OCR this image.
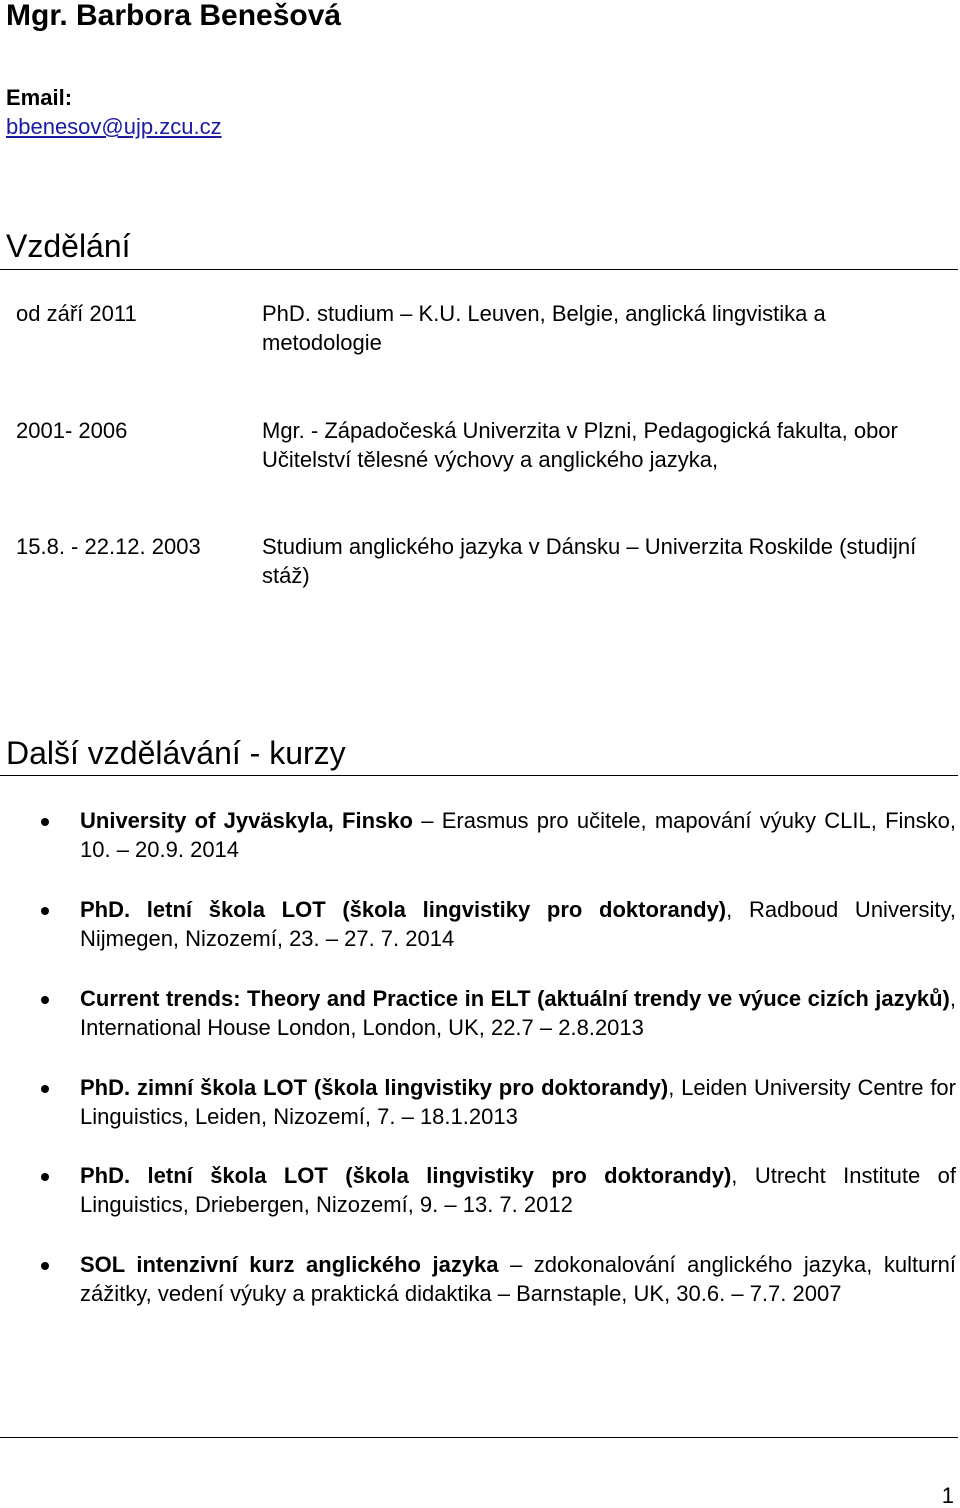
Mgr. Barbora Benešová
Email:
bbenesov@ujp.zcu.cz
Vzdělání
od září 2011	PhD. studium – K.U. Leuven, Belgie, anglická lingvistika a metodologie
2001- 2006	Mgr. - Západočeská Univerzita v Plzni, Pedagogická fakulta, obor Učitelství tělesné výchovy a anglického jazyka,
15.8. - 22.12. 2003	Studium anglického jazyka v Dánsku – Univerzita Roskilde (studijní stáž)
Další vzdělávání - kurzy
University of Jyväskyla, Finsko – Erasmus pro učitele, mapování výuky CLIL, Finsko, 10. – 20.9. 2014
PhD. letní škola LOT (škola lingvistiky pro doktorandy), Radboud University, Nijmegen, Nizozemí, 23. – 27. 7. 2014
Current trends: Theory and Practice in ELT (aktuální trendy ve výuce cizích jazyků), International House London, London, UK, 22.7 – 2.8.2013
PhD. zimní škola LOT (škola lingvistiky pro doktorandy), Leiden University Centre for Linguistics, Leiden, Nizozemí, 7. – 18.1.2013
PhD. letní škola LOT (škola lingvistiky pro doktorandy), Utrecht Institute of Linguistics, Driebergen, Nizozemí, 9. – 13. 7. 2012
SOL intenzivní kurz anglického jazyka – zdokonalování anglického jazyka, kulturní zážitky, vedení výuky a praktická didaktika – Barnstaple, UK, 30.6. – 7.7. 2007
1
